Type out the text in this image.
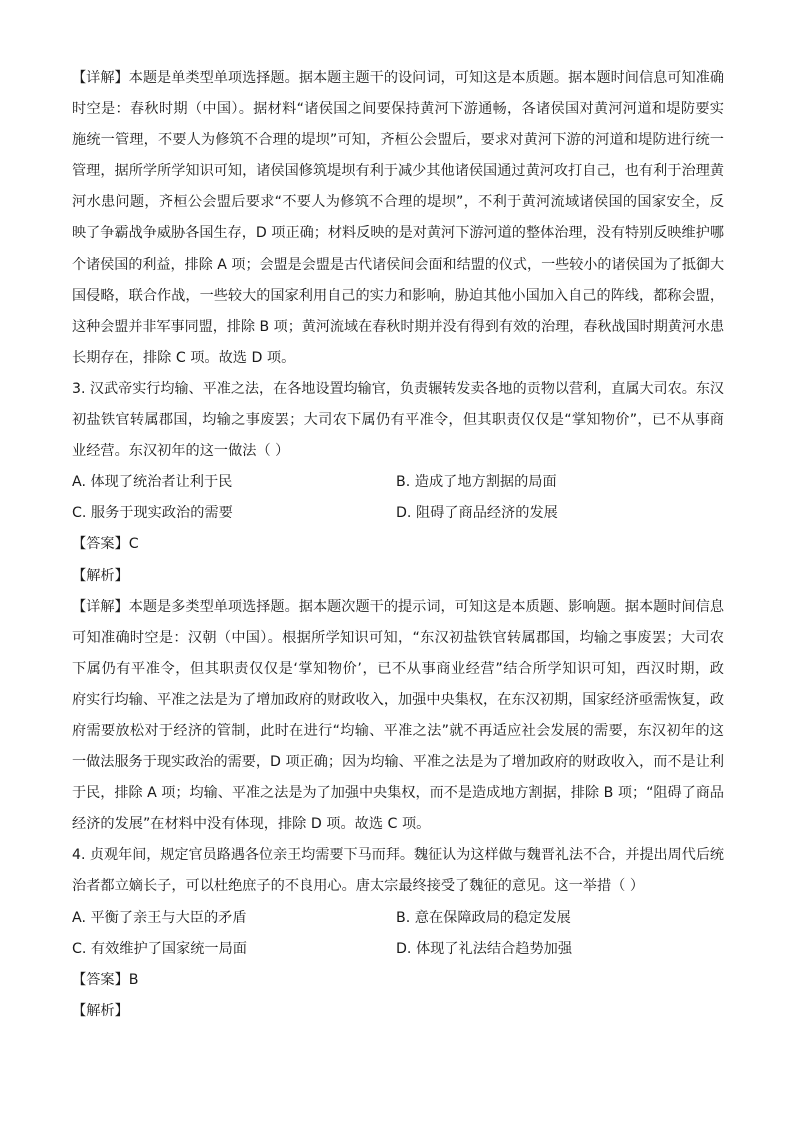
【详解】本题是单类型单项选择题。据本题主题干的设问词，可知这是本质题。据本题时间信息可知准确
时空是：春秋时期（中国）。据材料“诸侯国之间要保持黄河下游通畅，各诸侯国对黄河河道和堤防要实
施统一管理，不要人为修筑不合理的堤坝”可知，齐桓公会盟后，要求对黄河下游的河道和堤防进行统一
管理，据所学所学知识可知，诸侯国修筑堤坝有利于减少其他诸侯国通过黄河攻打自己，也有利于治理黄
河水患问题，齐桓公会盟后要求“不要人为修筑不合理的堤坝”，不利于黄河流域诸侯国的国家安全，反
映了争霸战争威胁各国生存，D 项正确；材料反映的是对黄河下游河道的整体治理，没有特别反映维护哪
个诸侯国的利益，排除 A 项；会盟是会盟是古代诸侯间会面和结盟的仪式，一些较小的诸侯国为了抵御大
国侵略，联合作战，一些较大的国家利用自己的实力和影响，胁迫其他小国加入自己的阵线，都称会盟，
这种会盟并非军事同盟，排除 B 项；黄河流域在春秋时期并没有得到有效的治理，春秋战国时期黄河水患
长期存在，排除 C 项。故选 D 项。
3. 汉武帝实行均输、平准之法，在各地设置均输官，负责辗转发卖各地的贡物以营利，直属大司农。东汉
初盐铁官转属郡国，均输之事废罢；大司农下属仍有平准令，但其职责仅仅是“掌知物价”，已不从事商
业经营。东汉初年的这一做法（ ）
A. 体现了统治者让利于民	B. 造成了地方割据的局面
C. 服务于现实政治的需要	D. 阻碍了商品经济的发展
【答案】C
【解析】
【详解】本题是多类型单项选择题。据本题次题干的提示词，可知这是本质题、影响题。据本题时间信息
可知准确时空是：汉朝（中国）。根据所学知识可知，“东汉初盐铁官转属郡国，均输之事废罢；大司农
下属仍有平准令，但其职责仅仅是‘掌知物价’，已不从事商业经营”结合所学知识可知，西汉时期，政
府实行均输、平准之法是为了增加政府的财政收入，加强中央集权，在东汉初期，国家经济亟需恢复，政
府需要放松对于经济的管制，此时在进行“均输、平准之法”就不再适应社会发展的需要，东汉初年的这
一做法服务于现实政治的需要，D 项正确；因为均输、平准之法是为了增加政府的财政收入，而不是让利
于民，排除 A 项；均输、平准之法是为了加强中央集权，而不是造成地方割据，排除 B 项；“阻碍了商品
经济的发展”在材料中没有体现，排除 D 项。故选 C 项。
4. 贞观年间，规定官员路遇各位亲王均需要下马而拜。魏征认为这样做与魏晋礼法不合，并提出周代后统
治者都立嫡长子，可以杜绝庶子的不良用心。唐太宗最终接受了魏征的意见。这一举措（ ）
A. 平衡了亲王与大臣的矛盾	B. 意在保障政局的稳定发展
C. 有效维护了国家统一局面	D. 体现了礼法结合趋势加强
【答案】B
【解析】
